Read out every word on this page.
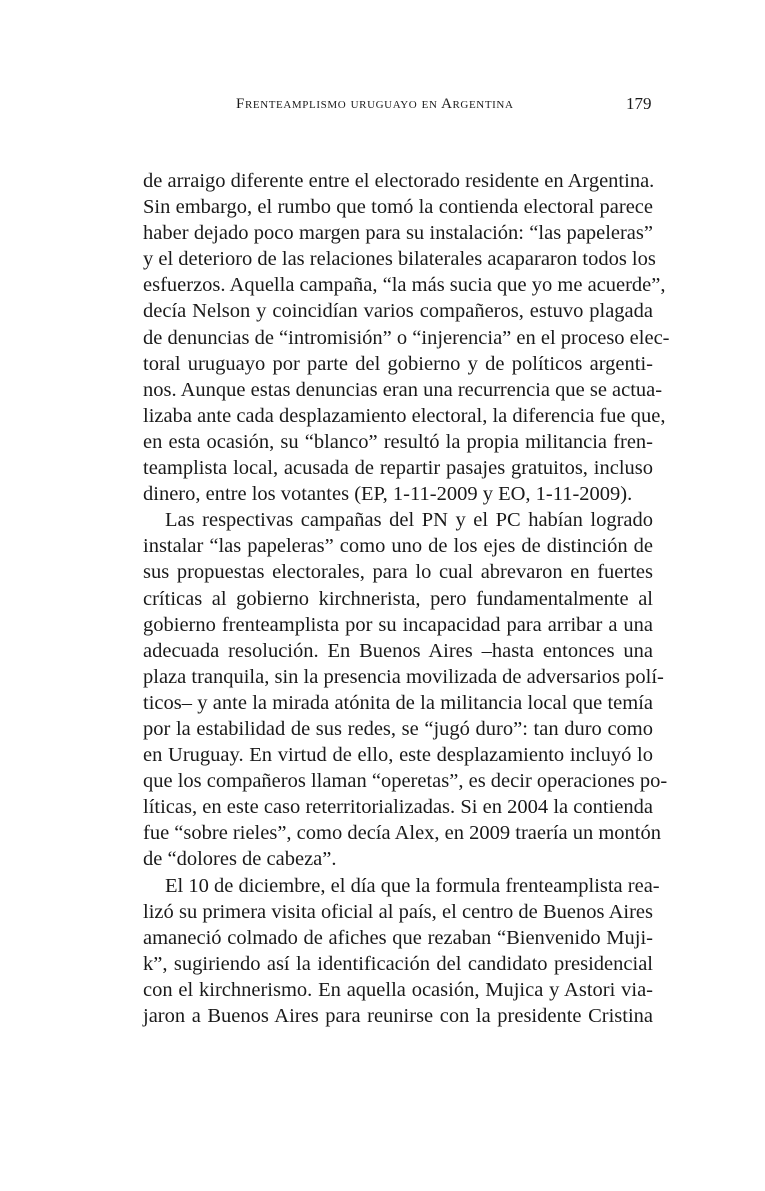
Frenteamplismo uruguayo en Argentina	179
de arraigo diferente entre el electorado residente en Argentina.
Sin embargo, el rumbo que tomó la contienda electoral parece
haber dejado poco margen para su instalación: “las papeleras”
y el deterioro de las relaciones bilaterales acapararon todos los
esfuerzos. Aquella campaña, “la más sucia que yo me acuerde”,
decía Nelson y coincidían varios compañeros, estuvo plagada
de denuncias de “intromisión” o “injerencia” en el proceso elec-
toral uruguayo por parte del gobierno y de políticos argenti-
nos. Aunque estas denuncias eran una recurrencia que se actua-
lizaba ante cada desplazamiento electoral, la diferencia fue que,
en esta ocasión, su “blanco” resultó la propia militancia fren-
teamplista local, acusada de repartir pasajes gratuitos, incluso
dinero, entre los votantes (EP, 1-11-2009 y EO, 1-11-2009).
Las respectivas campañas del PN y el PC habían logrado
instalar “las papeleras” como uno de los ejes de distinción de
sus propuestas electorales, para lo cual abrevaron en fuertes
críticas al gobierno kirchnerista, pero fundamentalmente al
gobierno frenteamplista por su incapacidad para arribar a una
adecuada resolución. En Buenos Aires –hasta entonces una
plaza tranquila, sin la presencia movilizada de adversarios polí-
ticos– y ante la mirada atónita de la militancia local que temía
por la estabilidad de sus redes, se “jugó duro”: tan duro como
en Uruguay. En virtud de ello, este desplazamiento incluyó lo
que los compañeros llaman “operetas”, es decir operaciones po-
líticas, en este caso reterritorializadas. Si en 2004 la contienda
fue “sobre rieles”, como decía Alex, en 2009 traería un montón
de “dolores de cabeza”.
El 10 de diciembre, el día que la formula frenteamplista rea-
lizó su primera visita oficial al país, el centro de Buenos Aires
amaneció colmado de afiches que rezaban “Bienvenido Muji-
k”, sugiriendo así la identificación del candidato presidencial
con el kirchnerismo. En aquella ocasión, Mujica y Astori via-
jaron a Buenos Aires para reunirse con la presidente Cristina
